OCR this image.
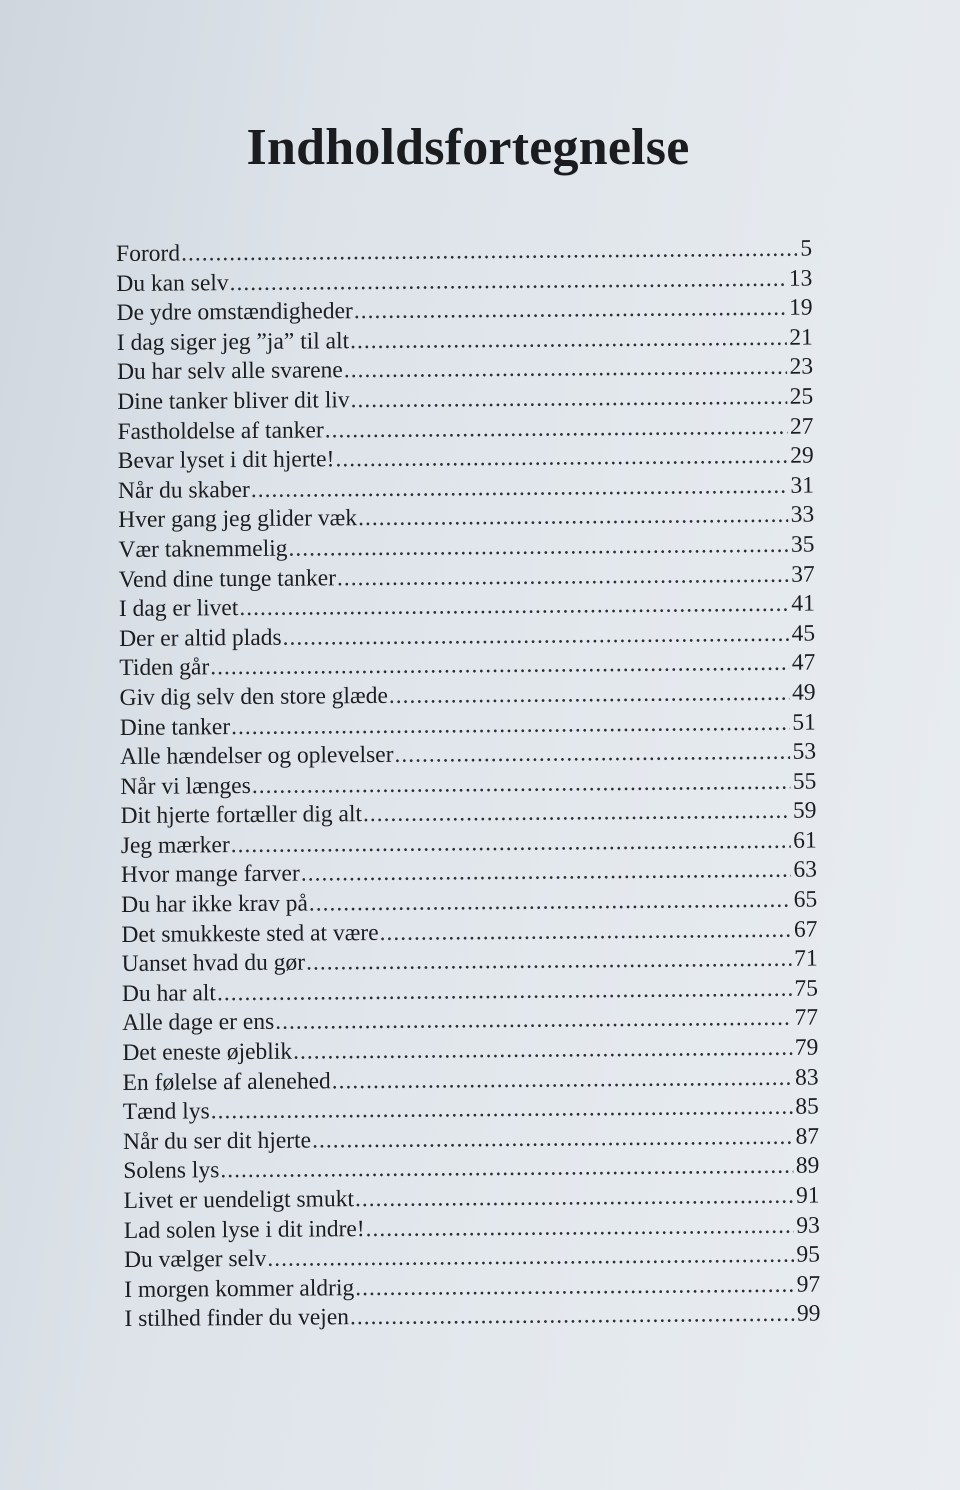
Indholdsfortegnelse
Forord .....	5
Du kan selv .....	13
De ydre omstændigheder .....	19
I dag siger jeg ”ja” til alt .....	21
Du har selv alle svarene .....	23
Dine tanker bliver dit liv .....	25
Fastholdelse af tanker .....	27
Bevar lyset i dit hjerte! .....	29
Når du skaber .....	31
Hver gang jeg glider væk .....	33
Vær taknemmelig .....	35
Vend dine tunge tanker .....	37
I dag er livet .....	41
Der er altid plads .....	45
Tiden går .....	47
Giv dig selv den store glæde .....	49
Dine tanker .....	51
Alle hændelser og oplevelser .....	53
Når vi længes .....	55
Dit hjerte fortæller dig alt .....	59
Jeg mærker .....	61
Hvor mange farver .....	63
Du har ikke krav på .....	65
Det smukkeste sted at være .....	67
Uanset hvad du gør .....	71
Du har alt .....	75
Alle dage er ens .....	77
Det eneste øjeblik .....	79
En følelse af alenehed .....	83
Tænd lys .....	85
Når du ser dit hjerte .....	87
Solens lys .....	89
Livet er uendeligt smukt .....	91
Lad solen lyse i dit indre! .....	93
Du vælger selv .....	95
I morgen kommer aldrig .....	97
I stilhed finder du vejen .....	99
